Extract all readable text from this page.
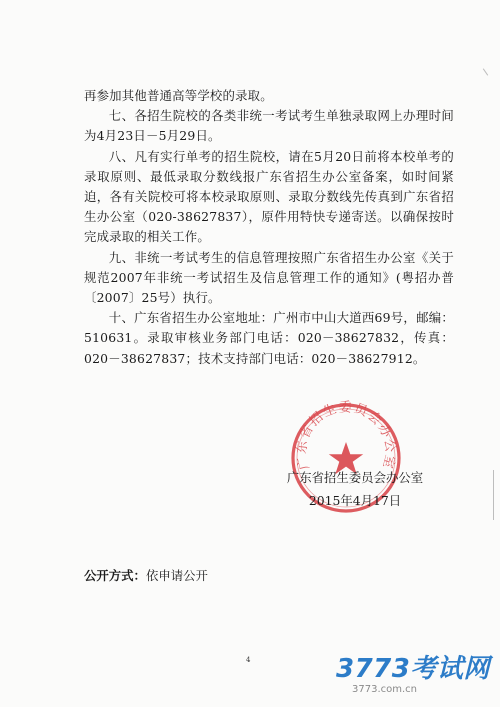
再参加其他普通高等学校的录取。

七、各招生院校的各类非统一考试考生单独录取网上办理时间为4月23日－5月29日。

八、凡有实行单考的招生院校，请在5月20日前将本校单考的录取原则、最低录取分数线报广东省招生办公室备案，如时间紧迫，各有关院校可将本校录取原则、录取分数线先传真到广东省招生办公室（020-38627837），原件用特快专递寄送。以确保按时完成录取的相关工作。

九、非统一考试考生的信息管理按照广东省招生办公室《关于规范2007年非统一考试招生及信息管理工作的通知》(粤招办普〔2007〕25号）执行。

十、广东省招生办公室地址：广州市中山大道西69号，邮编：510631。录取审核业务部门电话：020－38627832，传真：020－38627837；技术支持部门电话：020－38627912。

广东省招生委员会办公室
广东省招生委员会办公室
2015年4月17日
公开方式：依申请公开
4	3773考试网
3773.com.cn
